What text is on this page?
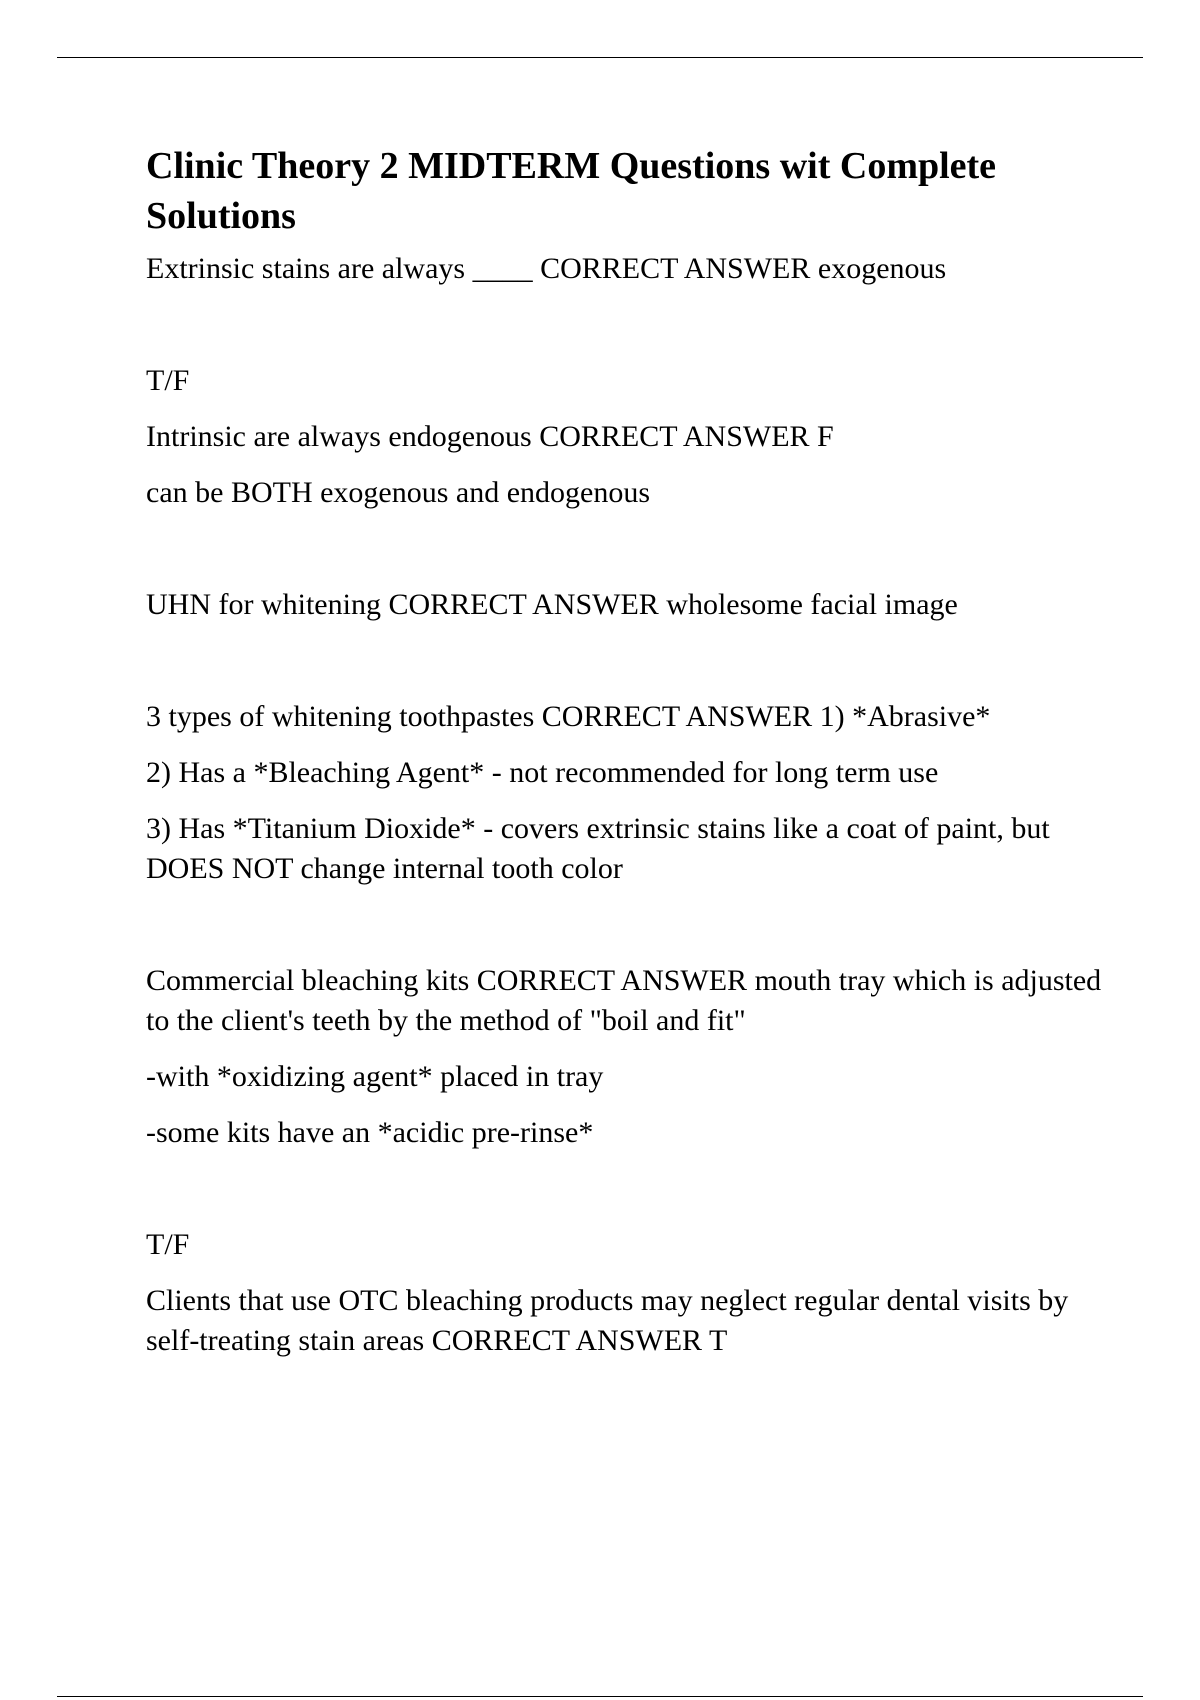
Clinic Theory 2 MIDTERM Questions wit Complete Solutions

Extrinsic stains are always ____ CORRECT ANSWER exogenous

T/F

Intrinsic are always endogenous CORRECT ANSWER F

can be BOTH exogenous and endogenous

UHN for whitening CORRECT ANSWER wholesome facial image

3 types of whitening toothpastes CORRECT ANSWER 1) *Abrasive*

2) Has a *Bleaching Agent* - not recommended for long term use

3) Has *Titanium Dioxide* - covers extrinsic stains like a coat of paint, but DOES NOT change internal tooth color

Commercial bleaching kits CORRECT ANSWER mouth tray which is adjusted to the client's teeth by the method of "boil and fit"

-with *oxidizing agent* placed in tray

-some kits have an *acidic pre-rinse*

T/F

Clients that use OTC bleaching products may neglect regular dental visits by self-treating stain areas CORRECT ANSWER T
